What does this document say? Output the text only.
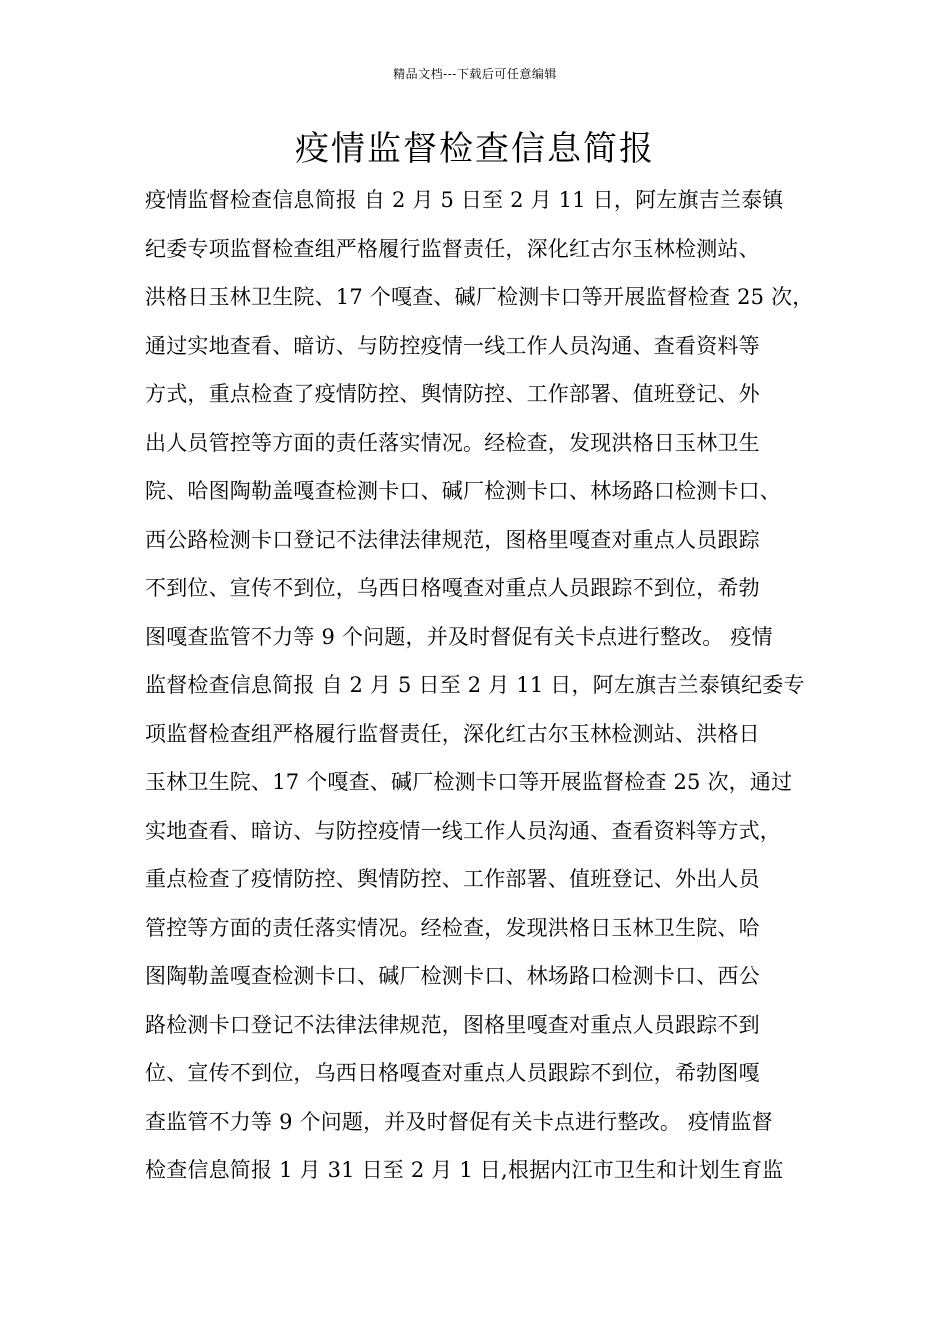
精品文档---下载后可任意编辑
疫情监督检查信息简报
疫情监督检查信息简报 自 2 月 5 日至 2 月 11 日，阿左旗吉兰泰镇
纪委专项监督检查组严格履行监督责任，深化红古尔玉林检测站、
洪格日玉林卫生院、17 个嘎查、碱厂检测卡口等开展监督检查 25 次，
通过实地查看、暗访、与防控疫情一线工作人员沟通、查看资料等
方式，重点检查了疫情防控、舆情防控、工作部署、值班登记、外
出人员管控等方面的责任落实情况。经检查，发现洪格日玉林卫生
院、哈图陶勒盖嘎查检测卡口、碱厂检测卡口、林场路口检测卡口、
西公路检测卡口登记不法律法律规范，图格里嘎查对重点人员跟踪
不到位、宣传不到位，乌西日格嘎查对重点人员跟踪不到位，希勃
图嘎查监管不力等 9 个问题，并及时督促有关卡点进行整改。 疫情
监督检查信息简报 自 2 月 5 日至 2 月 11 日，阿左旗吉兰泰镇纪委专
项监督检查组严格履行监督责任，深化红古尔玉林检测站、洪格日
玉林卫生院、17 个嘎查、碱厂检测卡口等开展监督检查 25 次，通过
实地查看、暗访、与防控疫情一线工作人员沟通、查看资料等方式，
重点检查了疫情防控、舆情防控、工作部署、值班登记、外出人员
管控等方面的责任落实情况。经检查，发现洪格日玉林卫生院、哈
图陶勒盖嘎查检测卡口、碱厂检测卡口、林场路口检测卡口、西公
路检测卡口登记不法律法律规范，图格里嘎查对重点人员跟踪不到
位、宣传不到位，乌西日格嘎查对重点人员跟踪不到位，希勃图嘎
查监管不力等 9 个问题，并及时督促有关卡点进行整改。 疫情监督
检查信息简报 1 月 31 日至 2 月 1 日,根据内江市卫生和计划生育监
